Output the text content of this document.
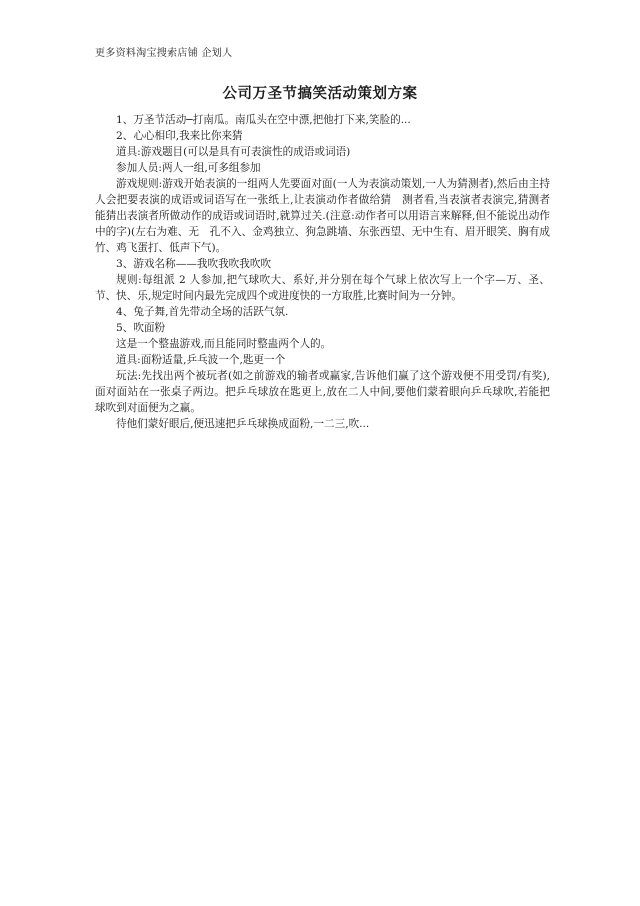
更多资料淘宝搜索店铺 企划人
公司万圣节搞笑活动策划方案

1、万圣节活动─打南瓜。南瓜头在空中漂,把他打下来,笑脸的...

2、心心相印,我来比你来猜

道具:游戏题目(可以是具有可表演性的成语或词语)

参加人员:两人一组,可多组参加

游戏规则:游戏开始表演的一组两人先要面对面(一人为表演动策划,一人为猜测者),然后由主持人会把要表演的成语或词语写在一张纸上,让表演动作者做给猜　测者看,当表演者表演完,猜测者能猜出表演者所做动作的成语或词语时,就算过关.(注意:动作者可以用语言来解释,但不能说出动作中的字)(左右为难、无　孔不入、金鸡独立、狗急跳墙、东张西望、无中生有、眉开眼笑、胸有成竹、鸡飞蛋打、低声下气)。

3、游戏名称——我吹我吹我吹吹

规则:每组派 2 人参加,把气球吹大、系好,并分别在每个气球上依次写上一个字—万、圣、节、快、乐,规定时间内最先完成四个或进度快的一方取胜,比赛时间为一分钟。

4、兔子舞,首先带动全场的活跃气氛.

5、吹面粉

这是一个整蛊游戏,而且能同时整蛊两个人的。

道具:面粉适量,乒乓波一个,匙更一个

玩法:先找出两个被玩者(如之前游戏的输者或赢家,告诉他们赢了这个游戏便不用受罚/有奖),面对面站在一张桌子两边。把乒乓球放在匙更上,放在二人中间,要他们蒙着眼向乒乓球吹,若能把球吹到对面便为之赢。

待他们蒙好眼后,便迅速把乒乓球换成面粉,一二三,吹...
